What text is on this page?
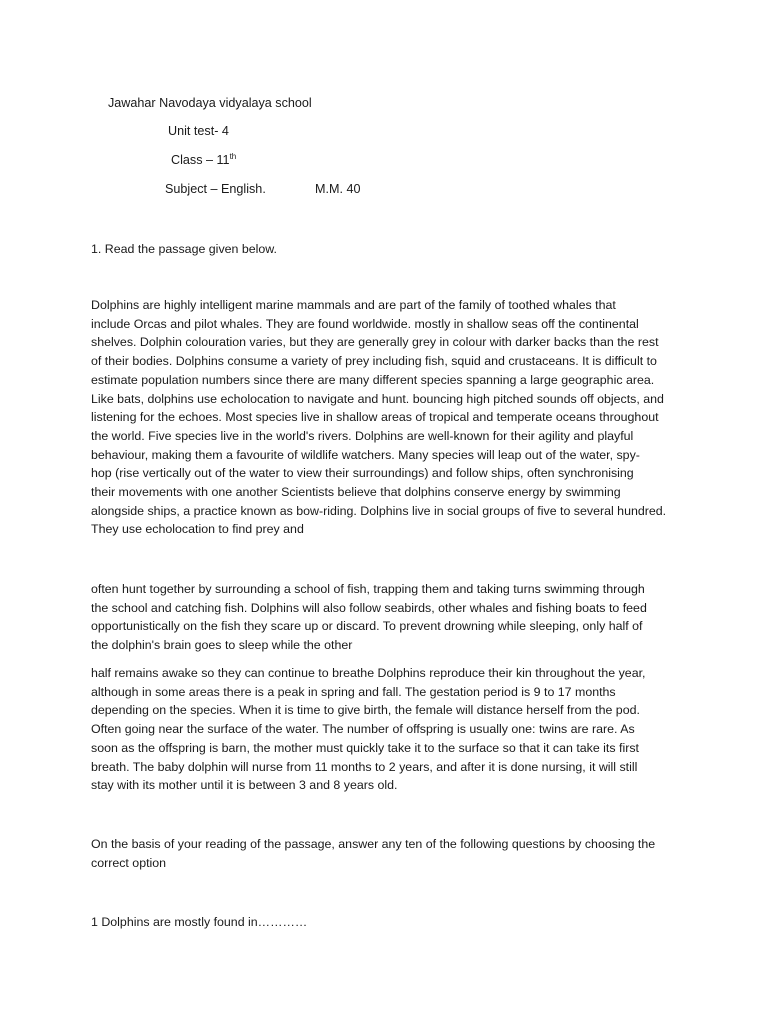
Jawahar Navodaya vidyalaya school
Unit test- 4
Class – 11th
Subject – English.	M.M. 40
1. Read the passage given below.
Dolphins are highly intelligent marine mammals and are part of the family of toothed whales that
include Orcas and pilot whales. They are found worldwide. mostly in shallow seas off the continental
shelves. Dolphin colouration varies, but they are generally grey in colour with darker backs than the rest
of their bodies. Dolphins consume a variety of prey including fish, squid and crustaceans. It is difficult to
estimate population numbers since there are many different species spanning a large geographic area.
Like bats, dolphins use echolocation to navigate and hunt. bouncing high pitched sounds off objects, and
listening for the echoes. Most species live in shallow areas of tropical and temperate oceans throughout
the world. Five species live in the world's rivers. Dolphins are well-known for their agility and playful
behaviour, making them a favourite of wildlife watchers. Many species will leap out of the water, spy-
hop (rise vertically out of the water to view their surroundings) and follow ships, often synchronising
their movements with one another Scientists believe that dolphins conserve energy by swimming
alongside ships, a practice known as bow-riding. Dolphins live in social groups of five to several hundred.
They use echolocation to find prey and
often hunt together by surrounding a school of fish, trapping them and taking turns swimming through
the school and catching fish. Dolphins will also follow seabirds, other whales and fishing boats to feed
opportunistically on the fish they scare up or discard. To prevent drowning while sleeping, only half of
the dolphin's brain goes to sleep while the other
half remains awake so they can continue to breathe Dolphins reproduce their kin throughout the year,
although in some areas there is a peak in spring and fall. The gestation period is 9 to 17 months
depending on the species. When it is time to give birth, the female will distance herself from the pod.
Often going near the surface of the water. The number of offspring is usually one: twins are rare. As
soon as the offspring is barn, the mother must quickly take it to the surface so that it can take its first
breath. The baby dolphin will nurse from 11 months to 2 years, and after it is done nursing, it will still
stay with its mother until it is between 3 and 8 years old.
On the basis of your reading of the passage, answer any ten of the following questions by choosing the
correct option
1 Dolphins are mostly found in…………
